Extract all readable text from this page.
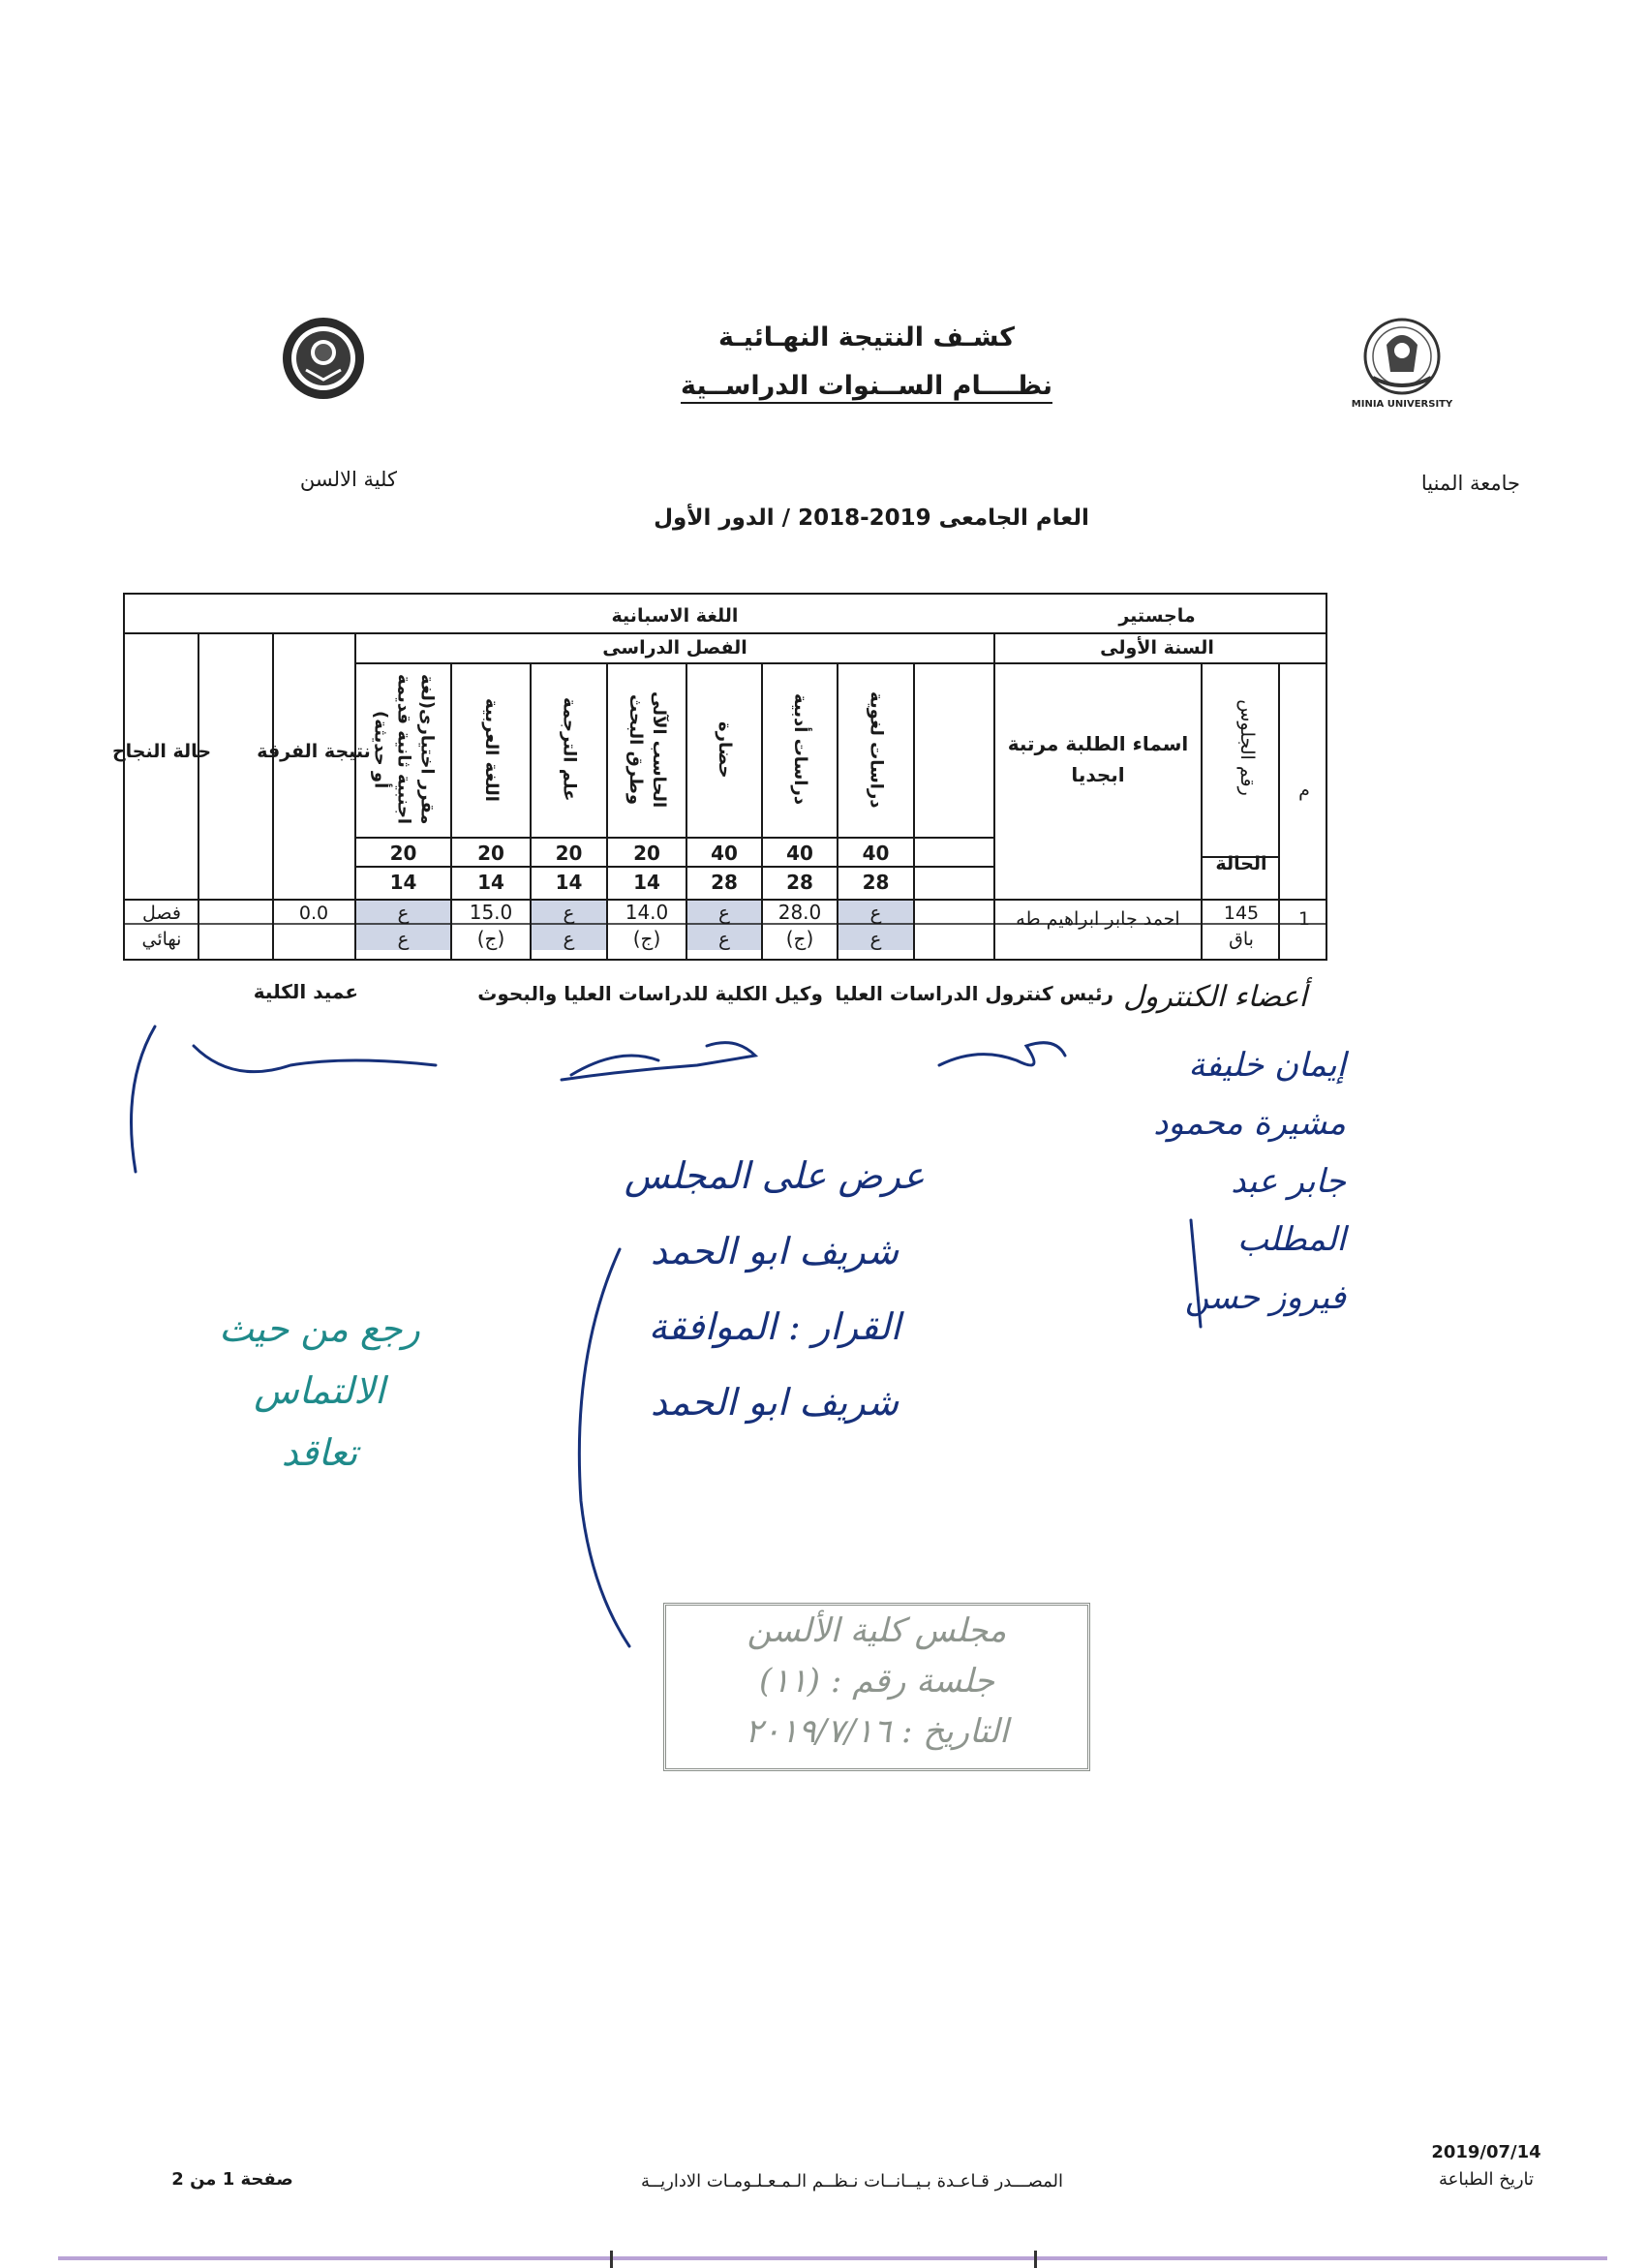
MINIA UNIVERSITY
كشـف النتيجة النهـائيـة
نظــــام الســنوات الدراســية
جامعة المنيا
كلية الالسن
العام الجامعى 2019-2018 / الدور الأول
ماجستير
اللغة الاسبانية
السنة الأولى
الفصل الدراسى
م
رقم الجلوس
الحالة
نتيجة الفرقة
حالة النجاح	اسماء الطلبة مرتبة ابجديا
دراسات لغوية
دراسات أدبية
حضارة
الحاسب الآلى وطرق البحث
علم الترجمة
اللغة العربية
مقرر اختيارى(لغة اجنبية ثانية قديمة أو حديثة)
40
28
ع
ع
40
28
28.0
(ج)
40
28
ع
ع
20
14
14.0
(ج)
20
14
ع
ع
20
14
15.0
(ج)
20
14
ع
ع
1
145
باق
احمد جابر ابراهيم طه
0.0
فصل
نهائي
أعضاء الكنترول
رئيس كنترول الدراسات العليا
وكيل الكلية للدراسات العليا والبحوث
عميد الكلية
إيمان خليفة
مشيرة محمود
جابر عبد المطلب
فيروز حسن
عرض على المجلس
شريف ابو الحمد
القرار : الموافقة
شريف ابو الحمد
رجع من حيث
الالتماس
تعاقد
مجلس كلية الألسن
جلسة رقم : (١١)
التاريخ : ٢٠١٩/٧/١٦
2019/07/14
تاريخ الطباعة
المصـــدر قـاعـدة بـيــانــات نـظــم الـمـعـلـومـات الاداريــة
صفحة 1 من 2
